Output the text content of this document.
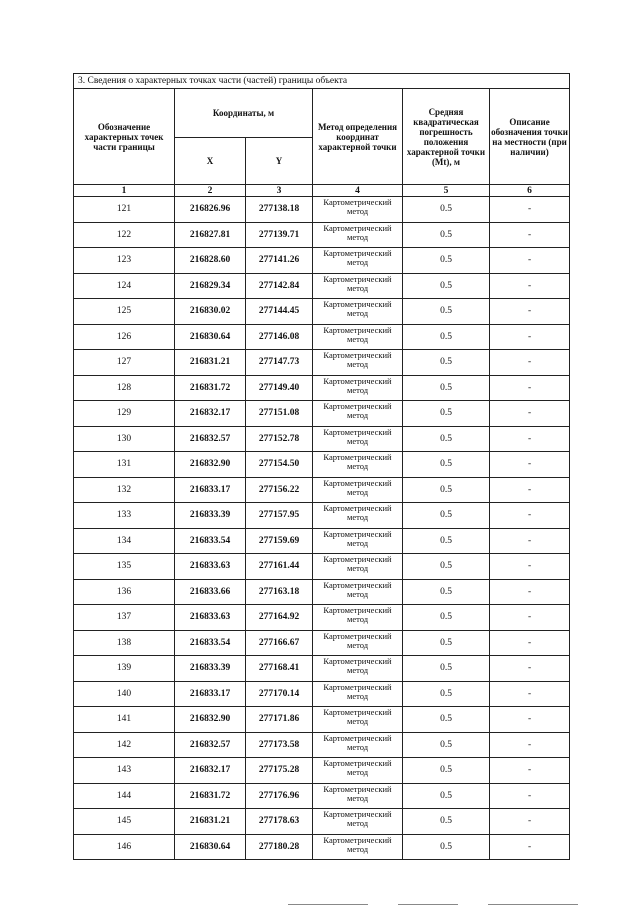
3. Сведения о характерных точках части (частей) границы объекта					
Обозначение характерных точек части границы	Координаты, м		Метод определения координат характерной точки	Средняя квадратическая погрешность положения характерной точки (Mt), м	Описание обозначения точки на местности (при наличии)
	X	Y			
1	2	3	4	5	6
121	216826.96	277138.18	Картометрический метод	0.5	-
122	216827.81	277139.71	Картометрический метод	0.5	-
123	216828.60	277141.26	Картометрический метод	0.5	-
124	216829.34	277142.84	Картометрический метод	0.5	-
125	216830.02	277144.45	Картометрический метод	0.5	-
126	216830.64	277146.08	Картометрический метод	0.5	-
127	216831.21	277147.73	Картометрический метод	0.5	-
128	216831.72	277149.40	Картометрический метод	0.5	-
129	216832.17	277151.08	Картометрический метод	0.5	-
130	216832.57	277152.78	Картометрический метод	0.5	-
131	216832.90	277154.50	Картометрический метод	0.5	-
132	216833.17	277156.22	Картометрический метод	0.5	-
133	216833.39	277157.95	Картометрический метод	0.5	-
134	216833.54	277159.69	Картометрический метод	0.5	-
135	216833.63	277161.44	Картометрический метод	0.5	-
136	216833.66	277163.18	Картометрический метод	0.5	-
137	216833.63	277164.92	Картометрический метод	0.5	-
138	216833.54	277166.67	Картометрический метод	0.5	-
139	216833.39	277168.41	Картометрический метод	0.5	-
140	216833.17	277170.14	Картометрический метод	0.5	-
141	216832.90	277171.86	Картометрический метод	0.5	-
142	216832.57	277173.58	Картометрический метод	0.5	-
143	216832.17	277175.28	Картометрический метод	0.5	-
144	216831.72	277176.96	Картометрический метод	0.5	-
145	216831.21	277178.63	Картометрический метод	0.5	-
146	216830.64	277180.28	Картометрический метод	0.5	-
